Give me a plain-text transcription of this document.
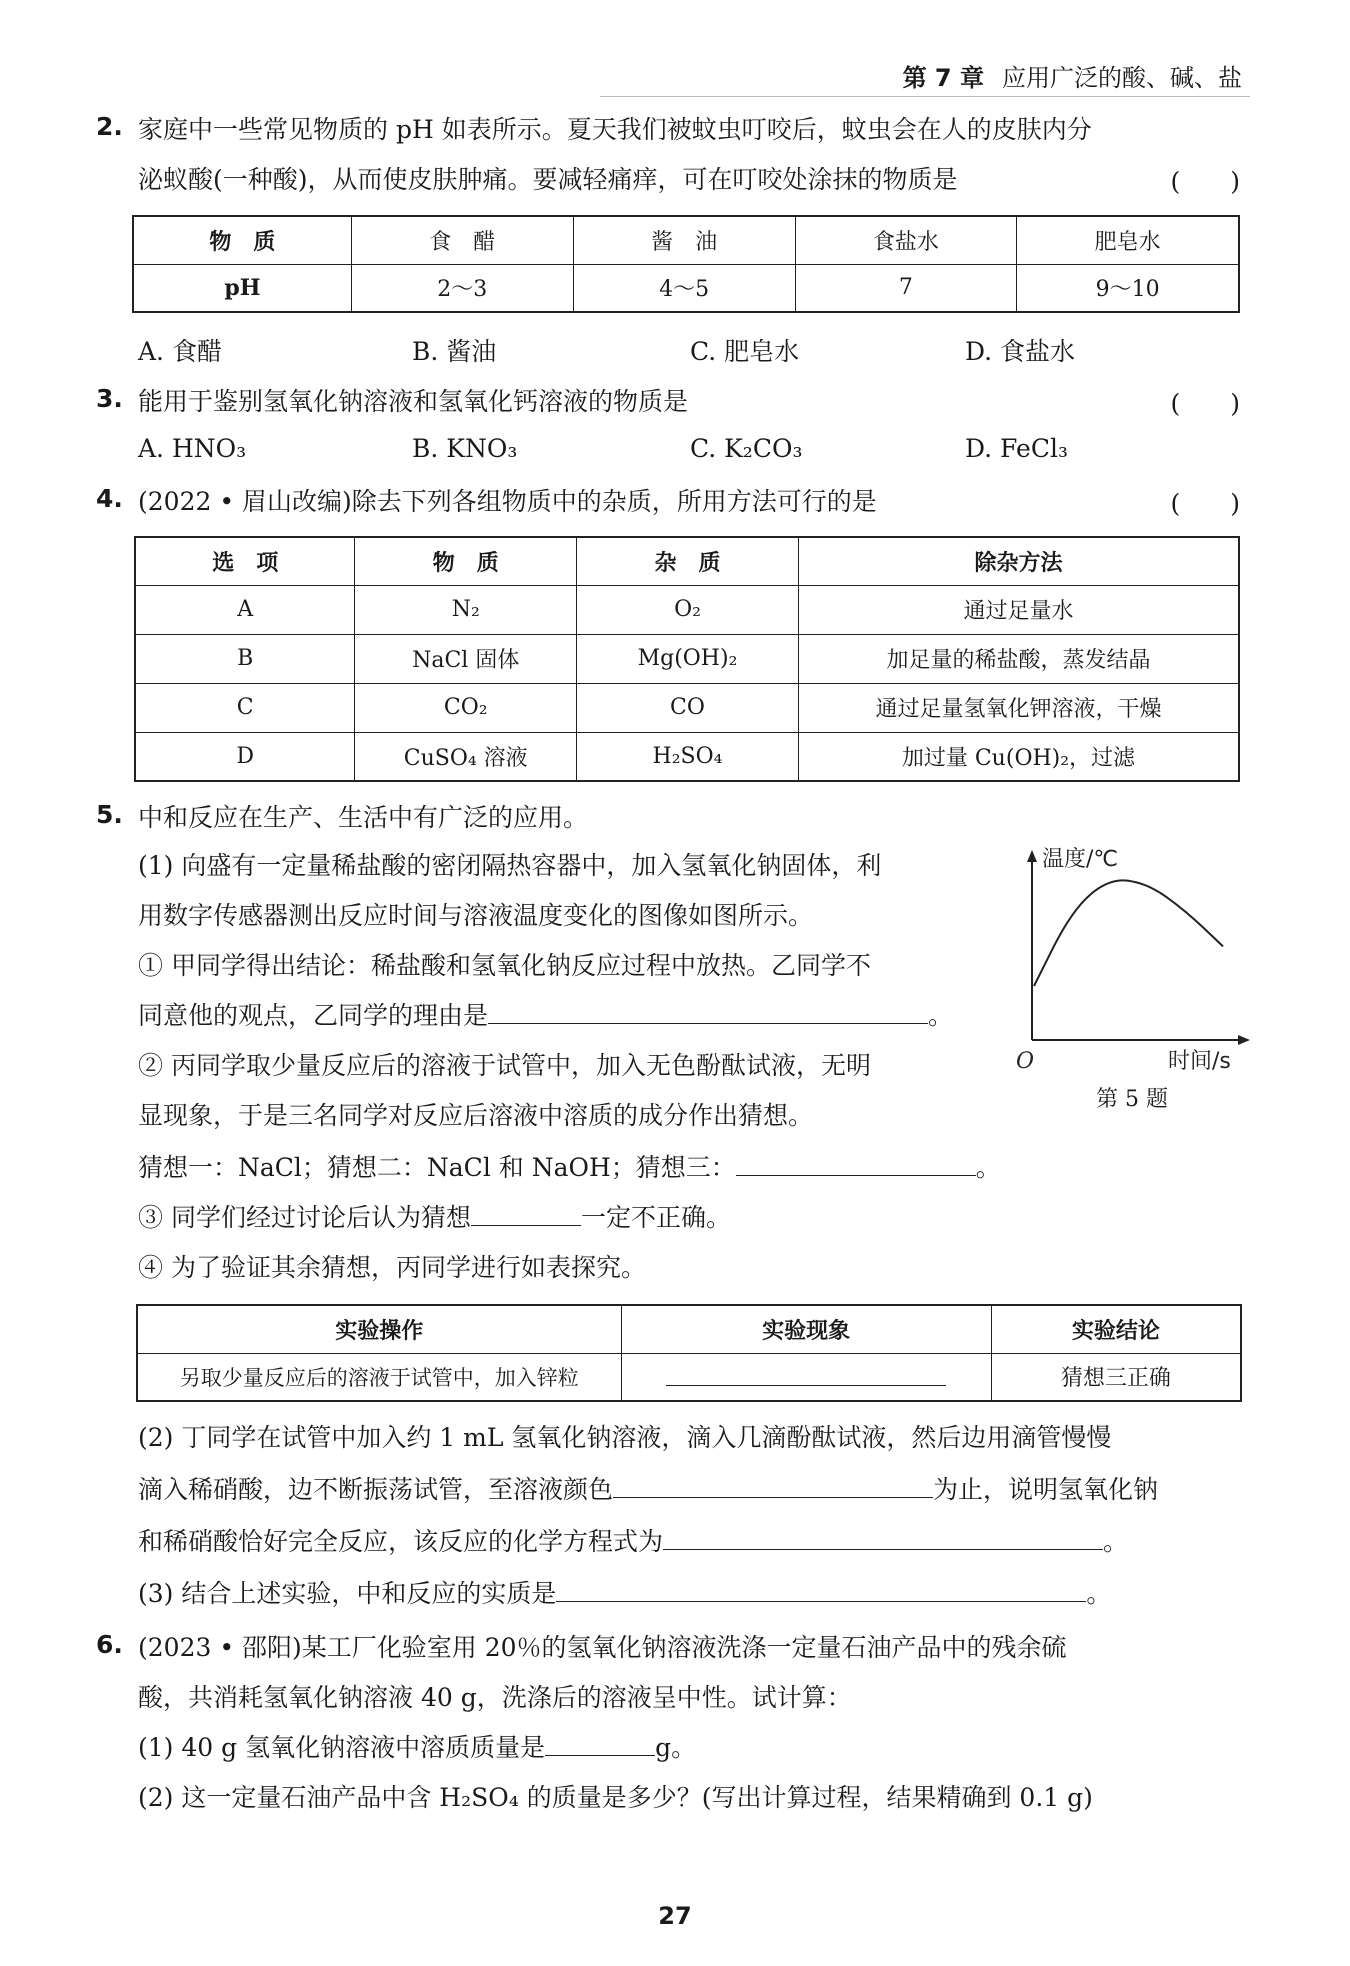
第 7 章 应用广泛的酸、碱、盐
2. 家庭中一些常见物质的 pH 如表所示。夏天我们被蚊虫叮咬后，蚊虫会在人的皮肤内分
泌蚁酸(一种酸)，从而使皮肤肿痛。要减轻痛痒，可在叮咬处涂抹的物质是	(　　)
物　质	食　醋	酱　油	食盐水	肥皂水
pH	2～3	4～5	7	9～10
A. 食醋	B. 酱油	C. 肥皂水	D. 食盐水
3. 能用于鉴别氢氧化钠溶液和氢氧化钙溶液的物质是	(　　)
A. HNO₃	B. KNO₃	C. K₂CO₃	D. FeCl₃
4. (2022 • 眉山改编)除去下列各组物质中的杂质，所用方法可行的是	(　　)
选　项	物　质	杂　质	除杂方法
A	N₂	O₂	通过足量水
B	NaCl 固体	Mg(OH)₂	加足量的稀盐酸，蒸发结晶
C	CO₂	CO	通过足量氢氧化钾溶液，干燥
D	CuSO₄ 溶液	H₂SO₄	加过量 Cu(OH)₂，过滤
5. 中和反应在生产、生活中有广泛的应用。
(1) 向盛有一定量稀盐酸的密闭隔热容器中，加入氢氧化钠固体，利
用数字传感器测出反应时间与溶液温度变化的图像如图所示。
① 甲同学得出结论：稀盐酸和氢氧化钠反应过程中放热。乙同学不
同意他的观点，乙同学的理由是	。
② 丙同学取少量反应后的溶液于试管中，加入无色酚酞试液，无明
显现象，于是三名同学对反应后溶液中溶质的成分作出猜想。
猜想一：NaCl；猜想二：NaCl 和 NaOH；猜想三：	。
③ 同学们经过讨论后认为猜想	一定不正确。
④ 为了验证其余猜想，丙同学进行如表探究。
实验操作	实验现象	实验结论
另取少量反应后的溶液于试管中，加入锌粒		猜想三正确
(2) 丁同学在试管中加入约 1 mL 氢氧化钠溶液，滴入几滴酚酞试液，然后边用滴管慢慢
滴入稀硝酸，边不断振荡试管，至溶液颜色	为止，说明氢氧化钠
和稀硝酸恰好完全反应，该反应的化学方程式为	。
(3) 结合上述实验，中和反应的实质是	。
温度/℃
O	时间/s
第 5 题
6. (2023 • 邵阳)某工厂化验室用 20％的氢氧化钠溶液洗涤一定量石油产品中的残余硫
酸，共消耗氢氧化钠溶液 40 g，洗涤后的溶液呈中性。试计算：
(1) 40 g 氢氧化钠溶液中溶质质量是	g。
(2) 这一定量石油产品中含 H₂SO₄ 的质量是多少？(写出计算过程，结果精确到 0.1 g)
27
